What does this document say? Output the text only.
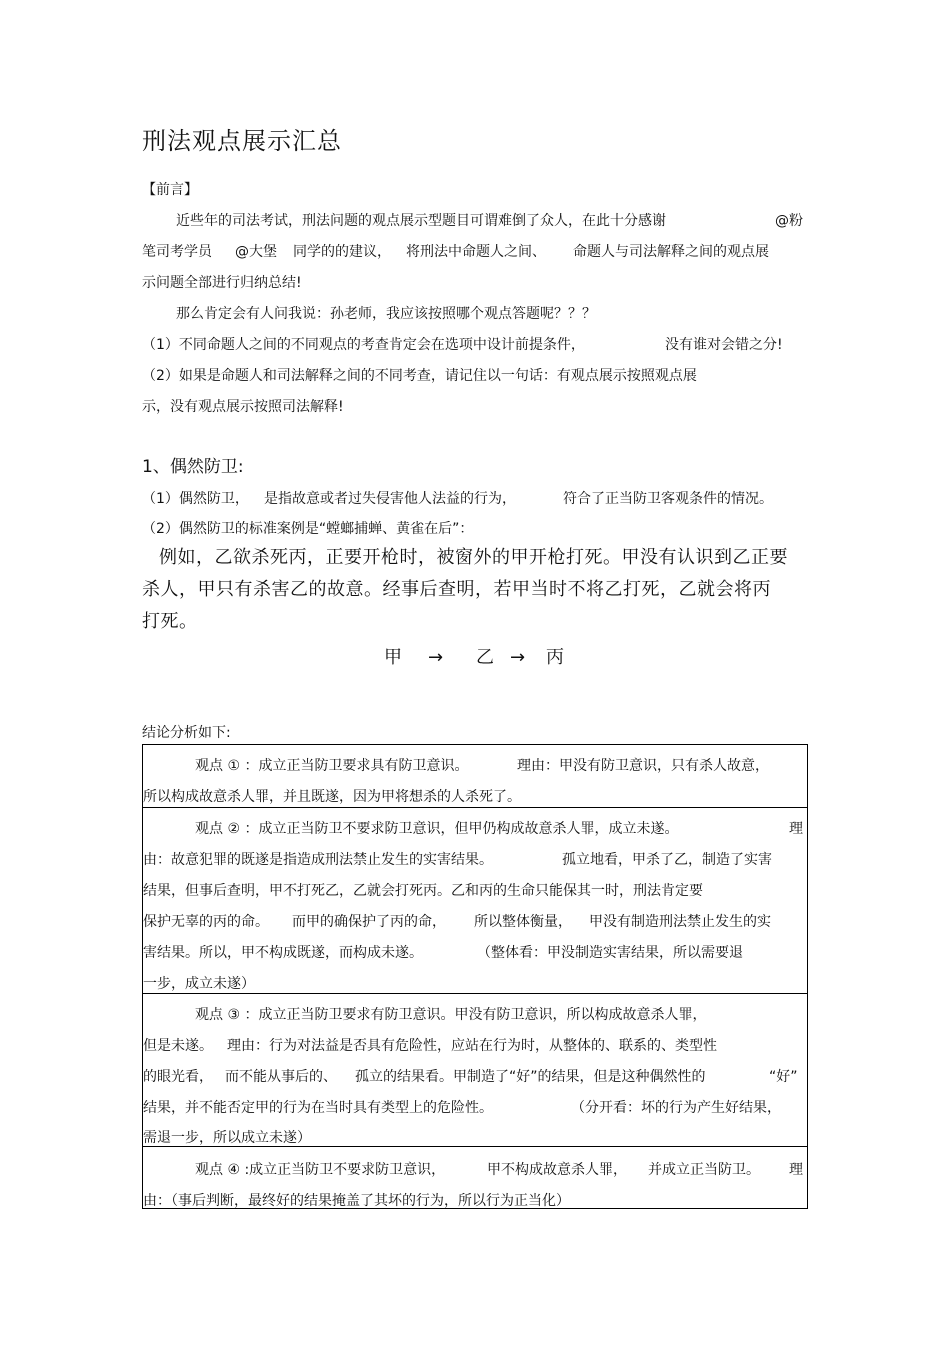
刑法观点展示汇总
【前言】
近些年的司法考试，刑法问题的观点展示型题目可谓难倒了众人，在此十分感谢	@粉
笔司考学员 @大堡 同学的的建议， 将刑法中命题人之间、 命题人与司法解释之间的观点展
示问题全部进行归纳总结!
那么肯定会有人问我说：孙老师，我应该按照哪个观点答题呢？？？
（1）不同命题人之间的不同观点的考查肯定会在选项中设计前提条件，	没有谁对会错之分!
（2）如果是命题人和司法解释之间的不同考查，请记住以一句话：有观点展示按照观点展
示，没有观点展示按照司法解释!
1、偶然防卫:
（1）偶然防卫， 是指故意或者过失侵害他人法益的行为，	符合了正当防卫客观条件的情况。
（2）偶然防卫的标准案例是“螳螂捕蝉、黄雀在后”：
例如，乙欲杀死丙，正要开枪时，被窗外的甲开枪打死。甲没有认识到乙正要
杀人，甲只有杀害乙的故意。经事后查明，若甲当时不将乙打死，乙就会将丙
打死。
甲 → 乙 → 丙
结论分析如下:
观点 ① ：成立正当防卫要求具有防卫意识。	理由：甲没有防卫意识，只有杀人故意，
所以构成故意杀人罪，并且既遂，因为甲将想杀的人杀死了。
观点 ② ：成立正当防卫不要求防卫意识，但甲仍构成故意杀人罪，成立未遂。	理
由：故意犯罪的既遂是指造成刑法禁止发生的实害结果。	孤立地看，甲杀了乙，制造了实害
结果，但事后查明，甲不打死乙，乙就会打死丙。乙和丙的生命只能保其一时，刑法肯定要
保护无辜的丙的命。 而甲的确保护了丙的命， 所以整体衡量， 甲没有制造刑法禁止发生的实
害结果。所以，甲不构成既遂，而构成未遂。	（整体看：甲没制造实害结果，所以需要退
一步，成立未遂）
观点 ③ ：成立正当防卫要求有防卫意识。甲没有防卫意识，所以构成故意杀人罪，
但是未遂。 理由：行为对法益是否具有危险性，应站在行为时，从整体的、联系的、类型性
的眼光看， 而不能从事后的、 孤立的结果看。甲制造了“好”的结果，但是这种偶然性的	“好”
结果，并不能否定甲的行为在当时具有类型上的危险性。	（分开看：坏的行为产生好结果，
需退一步，所以成立未遂）
观点 ④ :成立正当防卫不要求防卫意识，	甲不构成故意杀人罪， 并成立正当防卫。 理
由：（事后判断，最终好的结果掩盖了其坏的行为，所以行为正当化）
